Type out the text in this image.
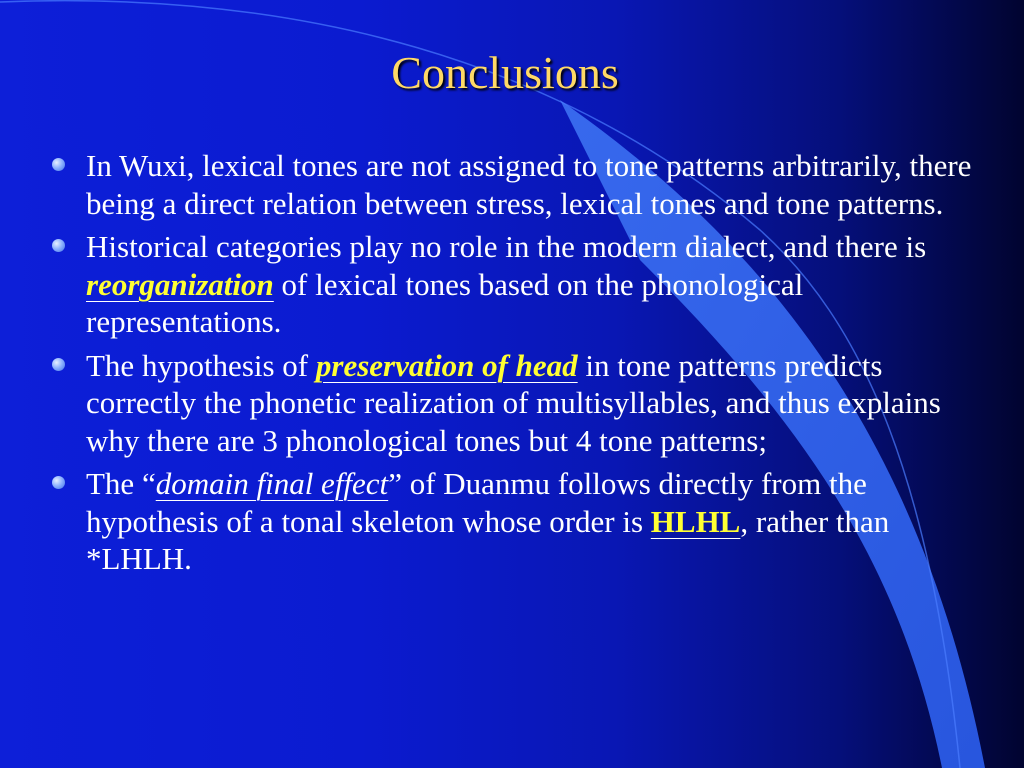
Conclusions
In Wuxi, lexical tones are not assigned to tone patterns arbitrarily, there being a direct relation between stress, lexical tones and tone patterns.
Historical categories play no role in the modern dialect, and there is reorganization of lexical tones based on the phonological representations.
The hypothesis of preservation of head in tone patterns predicts correctly the phonetic realization of multisyllables, and thus explains why there are 3 phonological tones but 4 tone patterns;
The “domain final effect” of Duanmu follows directly from the hypothesis of a tonal skeleton whose order is HLHL, rather than *LHLH.
